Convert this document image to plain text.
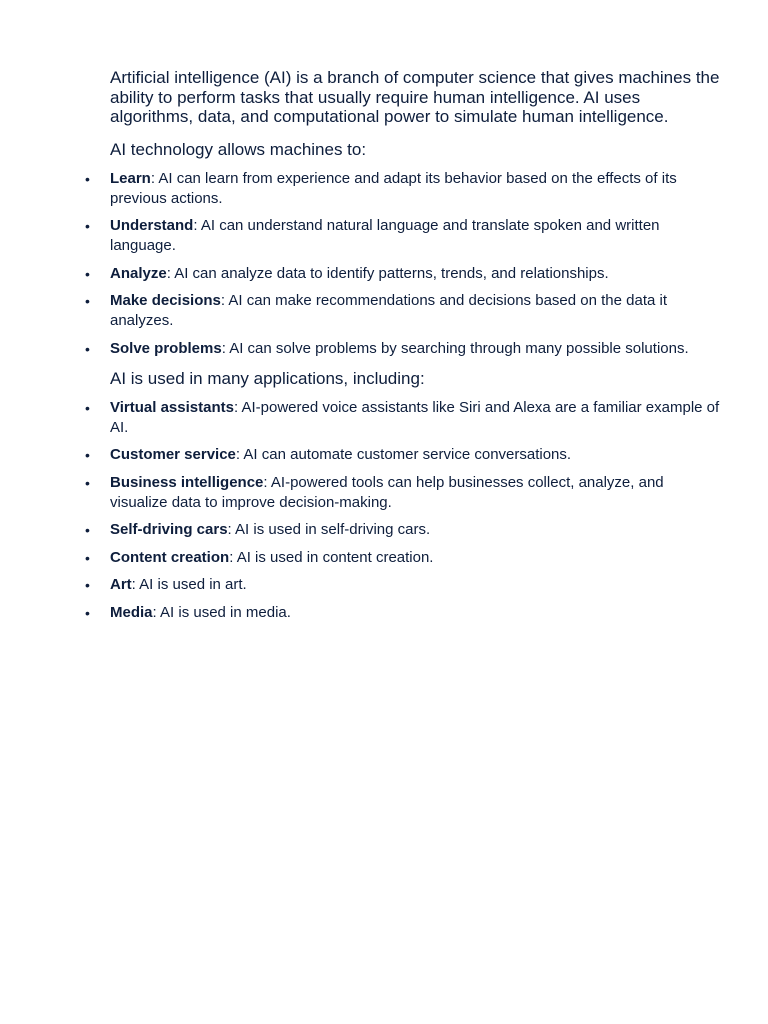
Artificial intelligence (AI) is a branch of computer science that gives machines the ability to perform tasks that usually require human intelligence. AI uses algorithms, data, and computational power to simulate human intelligence.

AI technology allows machines to:

• Learn: AI can learn from experience and adapt its behavior based on the effects of its previous actions.
• Understand: AI can understand natural language and translate spoken and written language.
• Analyze: AI can analyze data to identify patterns, trends, and relationships.
• Make decisions: AI can make recommendations and decisions based on the data it analyzes.
• Solve problems: AI can solve problems by searching through many possible solutions.

AI is used in many applications, including:

• Virtual assistants: AI-powered voice assistants like Siri and Alexa are a familiar example of AI.
• Customer service: AI can automate customer service conversations.
• Business intelligence: AI-powered tools can help businesses collect, analyze, and visualize data to improve decision-making.
• Self-driving cars: AI is used in self-driving cars.
• Content creation: AI is used in content creation.
• Art: AI is used in art.
• Media: AI is used in media.
